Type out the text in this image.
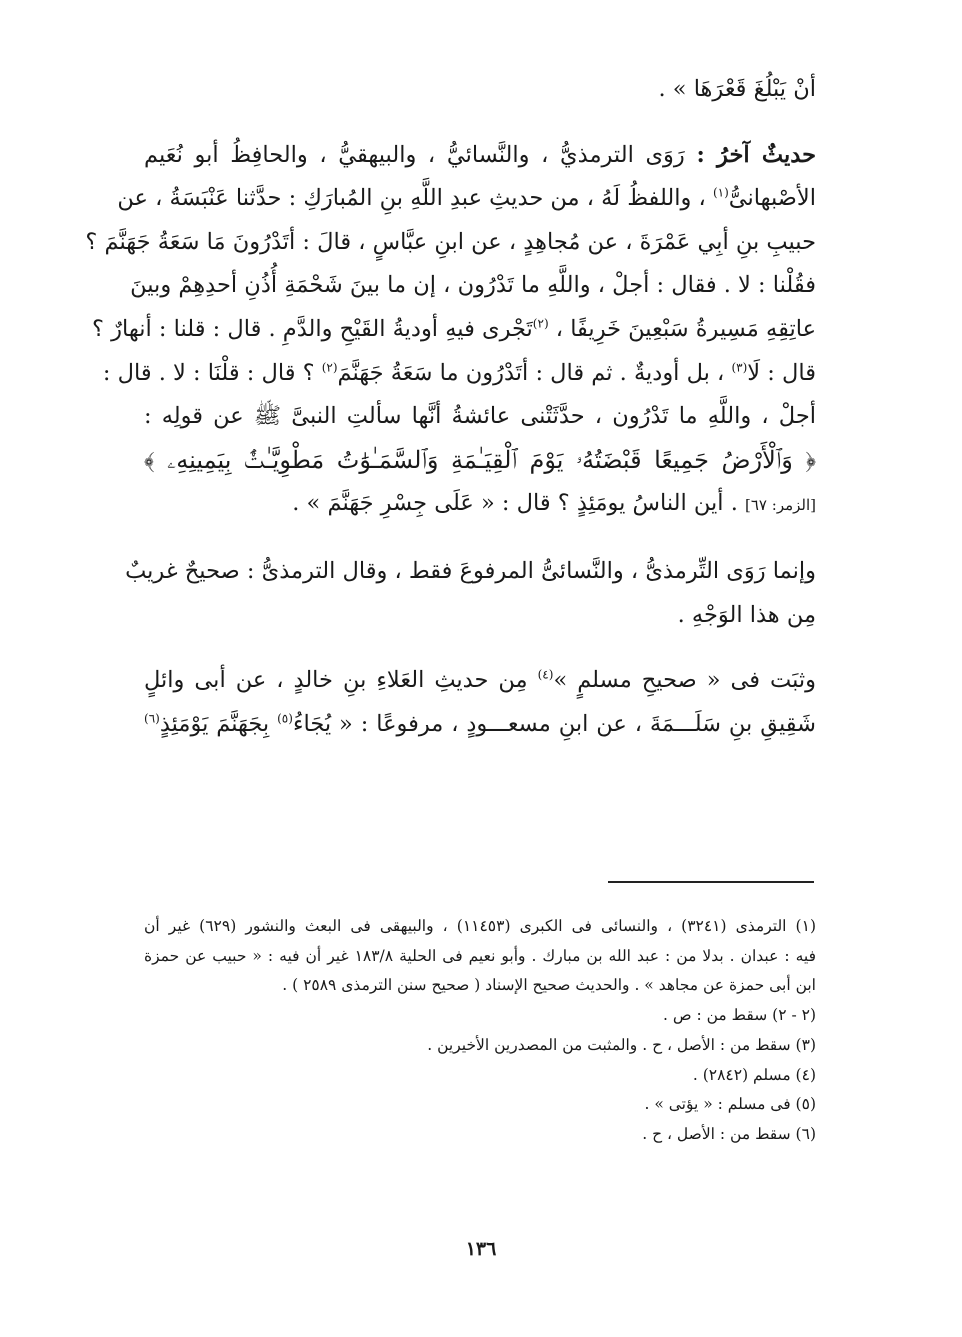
أنْ يَبْلُغَ قَعْرَهَا » .
حديثٌ آخرُ : رَوَى الترمذيُّ ، والنَّسائيُّ ، والبيهقيُّ ، والحافِظُ أبو نُعَيم
الأصْبهانىُّ$^{(١)}$ ، واللفظُ لَهُ ، من حديثِ عبدِ اللَّهِ بنِ المُبارَكِ : حدَّثنا عَنْبَسَةُ ، عن
حبيبِ بنِ أبِي عَمْرَةَ ، عن مُجاهِدٍ ، عن ابنِ عبَّاسٍ ، قالَ : أتَدْرُونَ مَا سَعَةُ جَهَنَّمَ ؟
فقُلْنا : لا . فقال : أجلْ ، واللَّهِ ما تَدْرُون ، إن ما بينَ شَحْمَةِ أُذُنِ أحدِهِمْ وبينَ
عاتِقِهِ مَسِيرةُ سَبْعِينَ خَرِيفًا ، $^{(٢)}$تَجْرى فيهِ أوديةُ القَيْحِ والدَّمِ . قال : قلنا : أنهارٌ ؟
قال : لَا$^{(٣)}$ ، بل أوديةٌ . ثم قال : أتَدْرُون ما سَعَةُ جَهَنَّمَ$^{(٢)}$ ؟ قال : قلْنَا : لا . قال :
أجلْ ، واللَّهِ ما تَدْرُون ، حدَّثَتْنى عائشةُ أنَّها سألتِ النبىَّ ﷺ عن قولِه :
﴿ وَٱلْأَرْضُ جَمِيعًا قَبْضَتُهُۥ يَوْمَ ٱلْقِيَـٰمَةِ وَٱلسَّمَـٰوَٰتُ مَطْوِيَّـٰتٌۢ بِيَمِينِهِۦ ﴾
[الزمر: ٦٧] . أين الناسُ يومَئِذٍ ؟ قال : « عَلَى جِسْرِ جَهَنَّمَ » .
وإنما رَوَى التِّرمذىُّ ، والنَّسائىُّ المرفوعَ فقط ، وقال الترمذىُّ : صحيحٌ غريبٌ
مِن هذا الوَجْهِ .
وثبَت فى « صحيحِ مسلمٍ »$^{(٤)}$ مِن حديثِ العَلاءِ بنِ خالدٍ ، عن أبى وائلٍ
شَقِيقِ بنِ سَلَـــمَةَ ، عن ابنِ مسعـــودٍ ، مرفوعًا : « يُجَاءُ$^{(٥)}$ بِجَهَنَّمَ يَوْمَئِذٍ$^{(٦)}$
(١) الترمذى (٣٢٤١) ، والنسائى فى الكبرى (١١٤٥٣) ، والبيهقى فى البعث والنشور (٦٢٩) غير أن
فيه : عبدان . بدلا من : عبد الله بن مبارك . وأبو نعيم فى الحلية ١٨٣/٨ غير أن فيه : « حبيب عن حمزة
ابن أبى حمزة عن مجاهد » . والحديث صحيح الإسناد ( صحيح سنن الترمذى ٢٥٨٩ ) .
(٢ - ٢) سقط من : ص .
(٣) سقط من : الأصل ، ح . والمثبت من المصدرين الأخيرين .
(٤) مسلم (٢٨٤٢) .
(٥) فى مسلم : « يؤتى » .
(٦) سقط من : الأصل ، ح .
١٣٦
